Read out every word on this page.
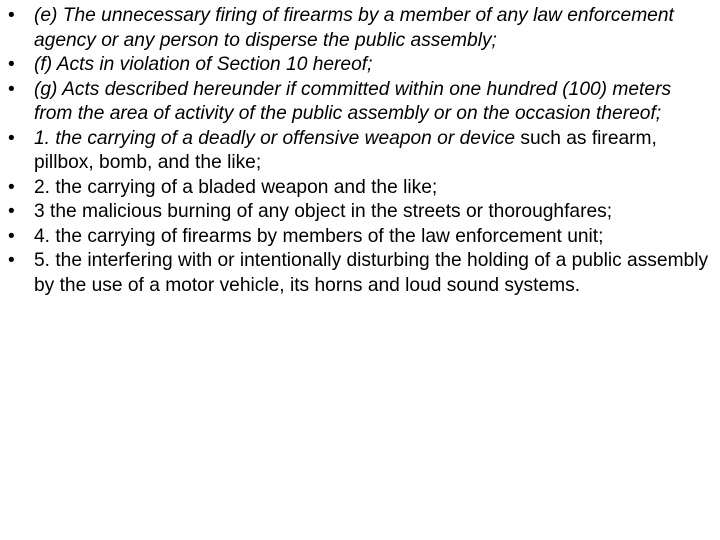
•	(e) The unnecessary firing of firearms by a member of any law enforcement agency or any person to disperse the public assembly;
•	(f) Acts in violation of Section 10 hereof;
•	(g) Acts described hereunder if committed within one hundred (100) meters from the area of activity of the public assembly or on the occasion thereof;
•	1. the carrying of a deadly or offensive weapon or device such as firearm, pillbox, bomb, and the like;
•	2. the carrying of a bladed weapon and the like;
•	3 the malicious burning of any object in the streets or thoroughfares;
•	4. the carrying of firearms by members of the law enforcement unit;
•	5. the interfering with or intentionally disturbing the holding of a public assembly by the use of a motor vehicle, its horns and loud sound systems.
